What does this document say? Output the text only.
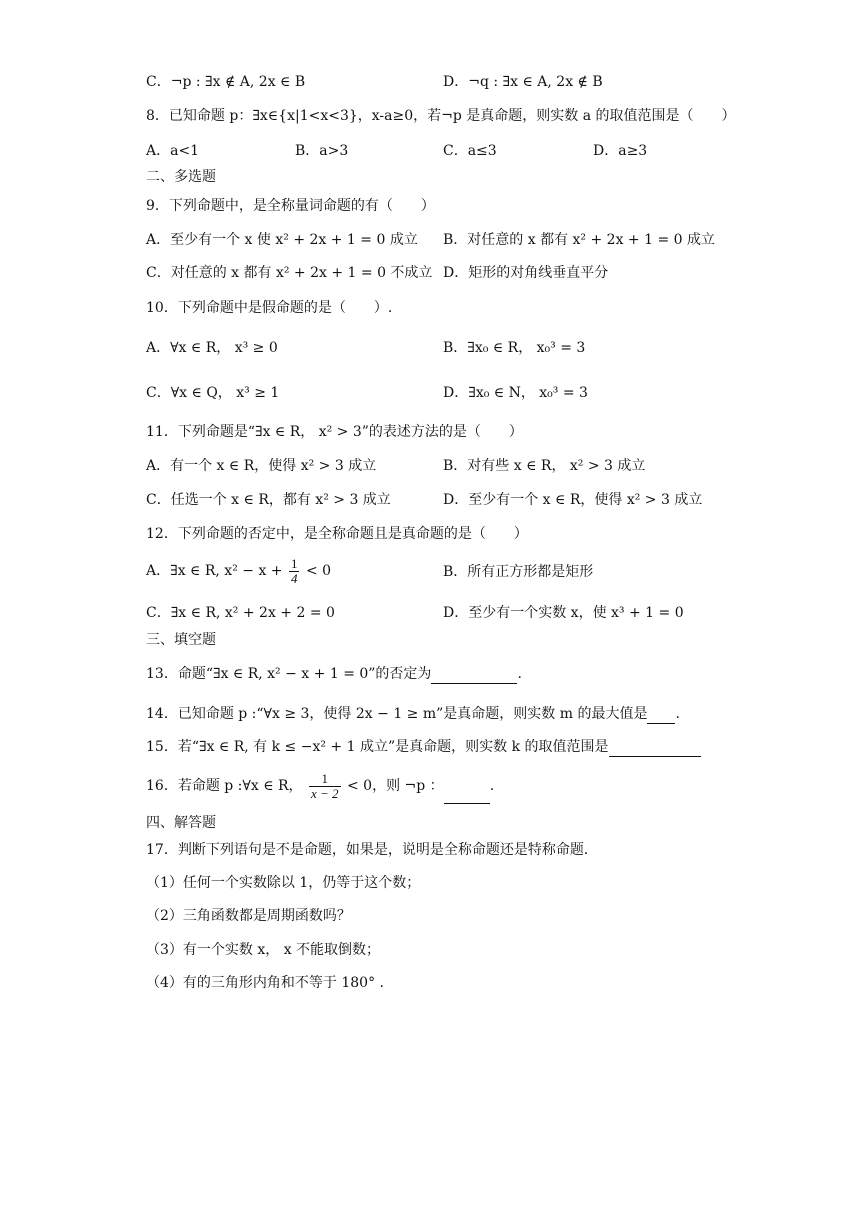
C．¬p : ∃x ∉ A, 2x ∈ B	D．¬q : ∃x ∈ A, 2x ∉ B
8．已知命题 p：∃x∈{x|1<x<3}，x-a≥0，若¬p 是真命题，则实数 a 的取值范围是（　　）
A．a<1	B．a>3	C．a≤3	D．a≥3
二、多选题
9．下列命题中，是全称量词命题的有（　　）
A．至少有一个 x 使 x² + 2x + 1 = 0 成立 B．对任意的 x 都有 x² + 2x + 1 = 0 成立
C．对任意的 x 都有 x² + 2x + 1 = 0 不成立 D．矩形的对角线垂直平分
10．下列命题中是假命题的是（　　）.
A．∀x ∈ R， x³ ≥ 0	B．∃x₀ ∈ R， x₀³ = 3
C．∀x ∈ Q， x³ ≥ 1	D．∃x₀ ∈ N， x₀³ = 3
11．下列命题是“∃x ∈ R， x² > 3”的表述方法的是（　　）
A．有一个 x ∈ R，使得 x² > 3 成立	B．对有些 x ∈ R， x² > 3 成立
C．任选一个 x ∈ R，都有 x² > 3 成立	D．至少有一个 x ∈ R，使得 x² > 3 成立
12．下列命题的否定中，是全称命题且是真命题的是（　　）
A．∃x ∈ R, $x^2 - x + \frac{1}{4} < 0$	B．所有正方形都是矩形
C．∃x ∈ R, x² + 2x + 2 = 0	D．至少有一个实数 x，使 x³ + 1 = 0
三、填空题
13．命题“∃x ∈ R, x² − x + 1 = 0”的否定为	.
14．已知命题 p :“∀x ≥ 3，使得 2x − 1 ≥ m”是真命题，则实数 m 的最大值是 .
15．若“∃x ∈ R, 有 k ≤ −x² + 1 成立”是真命题，则实数 k 的取值范围是
16．若命题 p :∀x ∈ R， $\frac{1}{x - 2} < 0$，则 ¬p ：	.
四、解答题
17．判断下列语句是不是命题，如果是，说明是全称命题还是特称命题．
（1）任何一个实数除以 1，仍等于这个数；
（2）三角函数都是周期函数吗？
（3）有一个实数 x， x 不能取倒数；
（4）有的三角形内角和不等于 180° .
